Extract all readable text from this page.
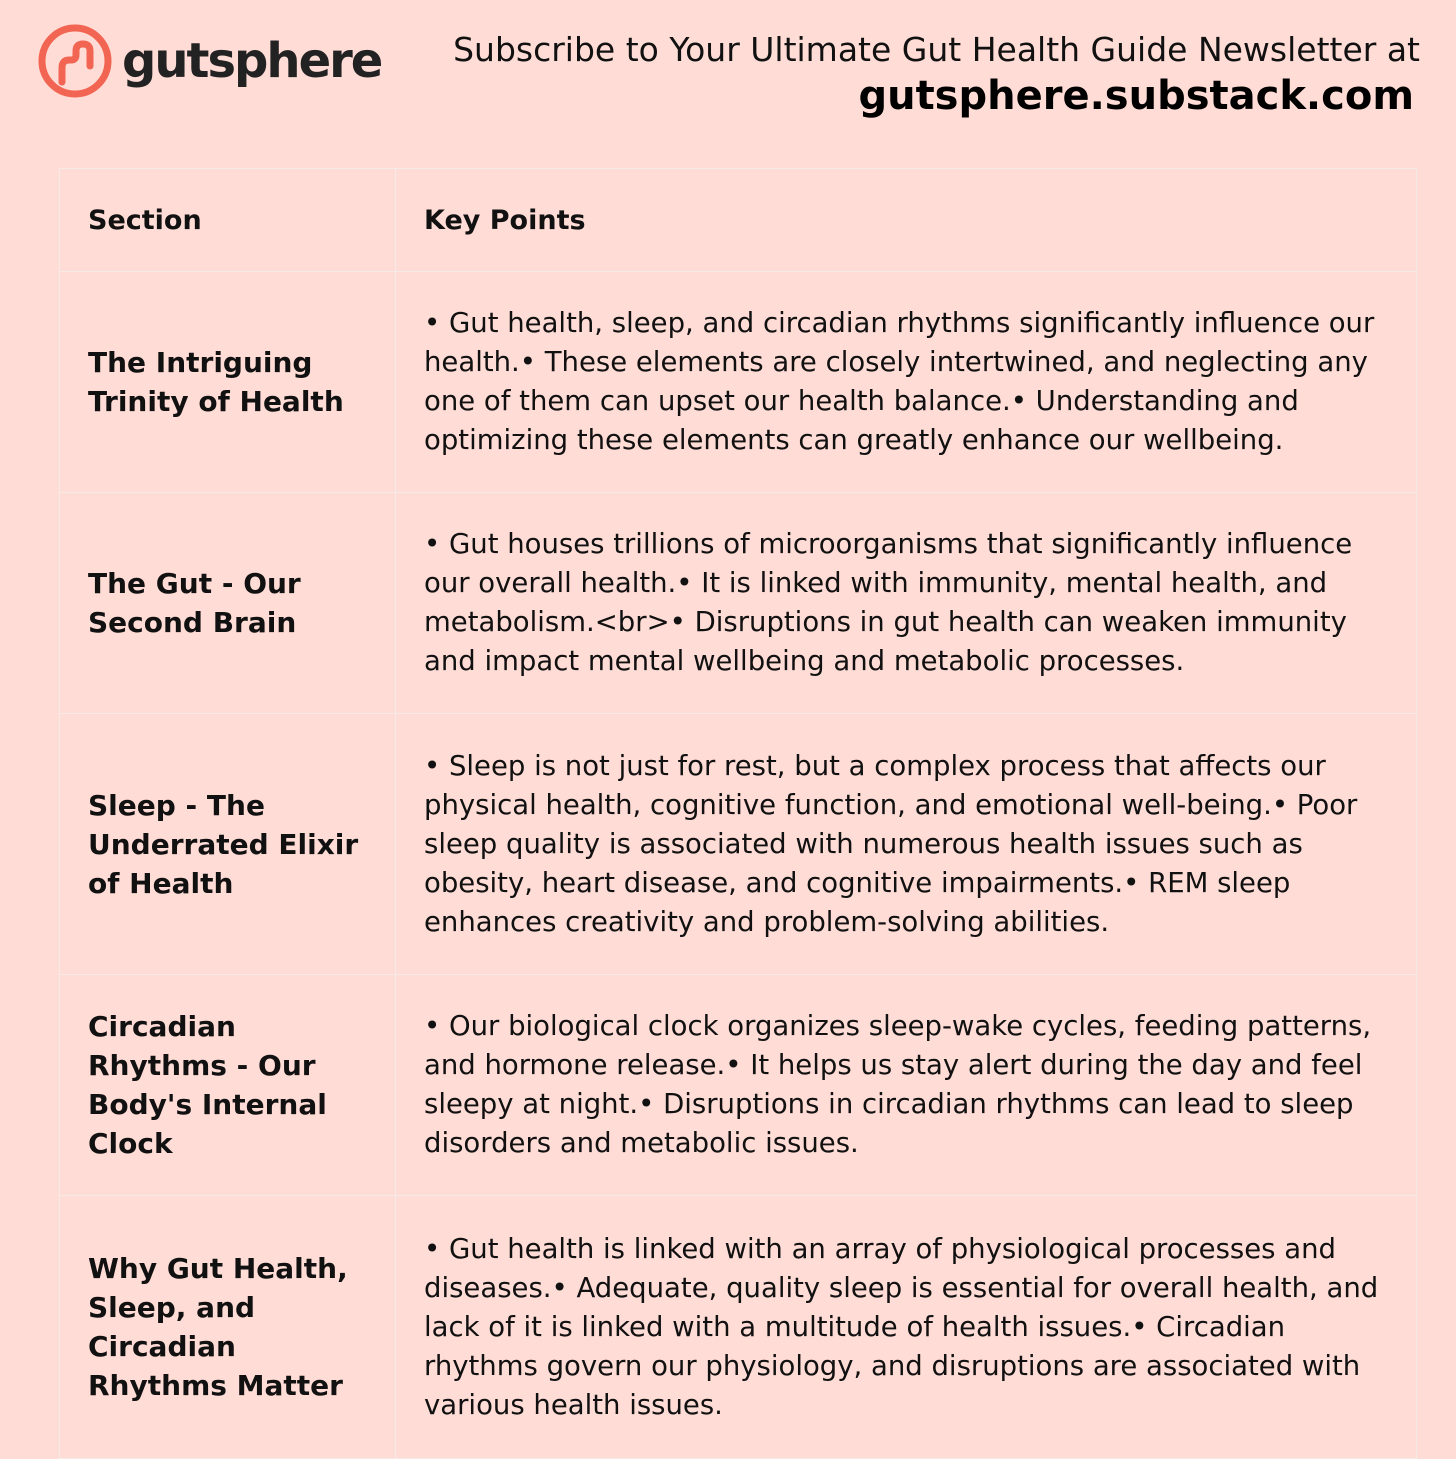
gutsphere Subscribe to Your Ultimate Gut Health Guide Newsletter at
gutsphere.substack.com
Section	Key Points
The Intriguing Trinity of Health	• Gut health, sleep, and circadian rhythms significantly influence our health.• These elements are closely intertwined, and neglecting any one of them can upset our health balance.• Understanding and optimizing these elements can greatly enhance our wellbeing.
The Gut - Our Second Brain	• Gut houses trillions of microorganisms that significantly influence our overall health.• It is linked with immunity, mental health, and metabolism.<br>• Disruptions in gut health can weaken immunity and impact mental wellbeing and metabolic processes.
Sleep - The Underrated Elixir of Health	• Sleep is not just for rest, but a complex process that affects our physical health, cognitive function, and emotional well-being.• Poor sleep quality is associated with numerous health issues such as obesity, heart disease, and cognitive impairments.• REM sleep enhances creativity and problem-solving abilities.
Circadian Rhythms - Our Body's Internal Clock	• Our biological clock organizes sleep-wake cycles, feeding patterns, and hormone release.• It helps us stay alert during the day and feel sleepy at night.• Disruptions in circadian rhythms can lead to sleep disorders and metabolic issues.
Why Gut Health, Sleep, and Circadian Rhythms Matter	• Gut health is linked with an array of physiological processes and diseases.• Adequate, quality sleep is essential for overall health, and lack of it is linked with a multitude of health issues.• Circadian rhythms govern our physiology, and disruptions are associated with various health issues.
